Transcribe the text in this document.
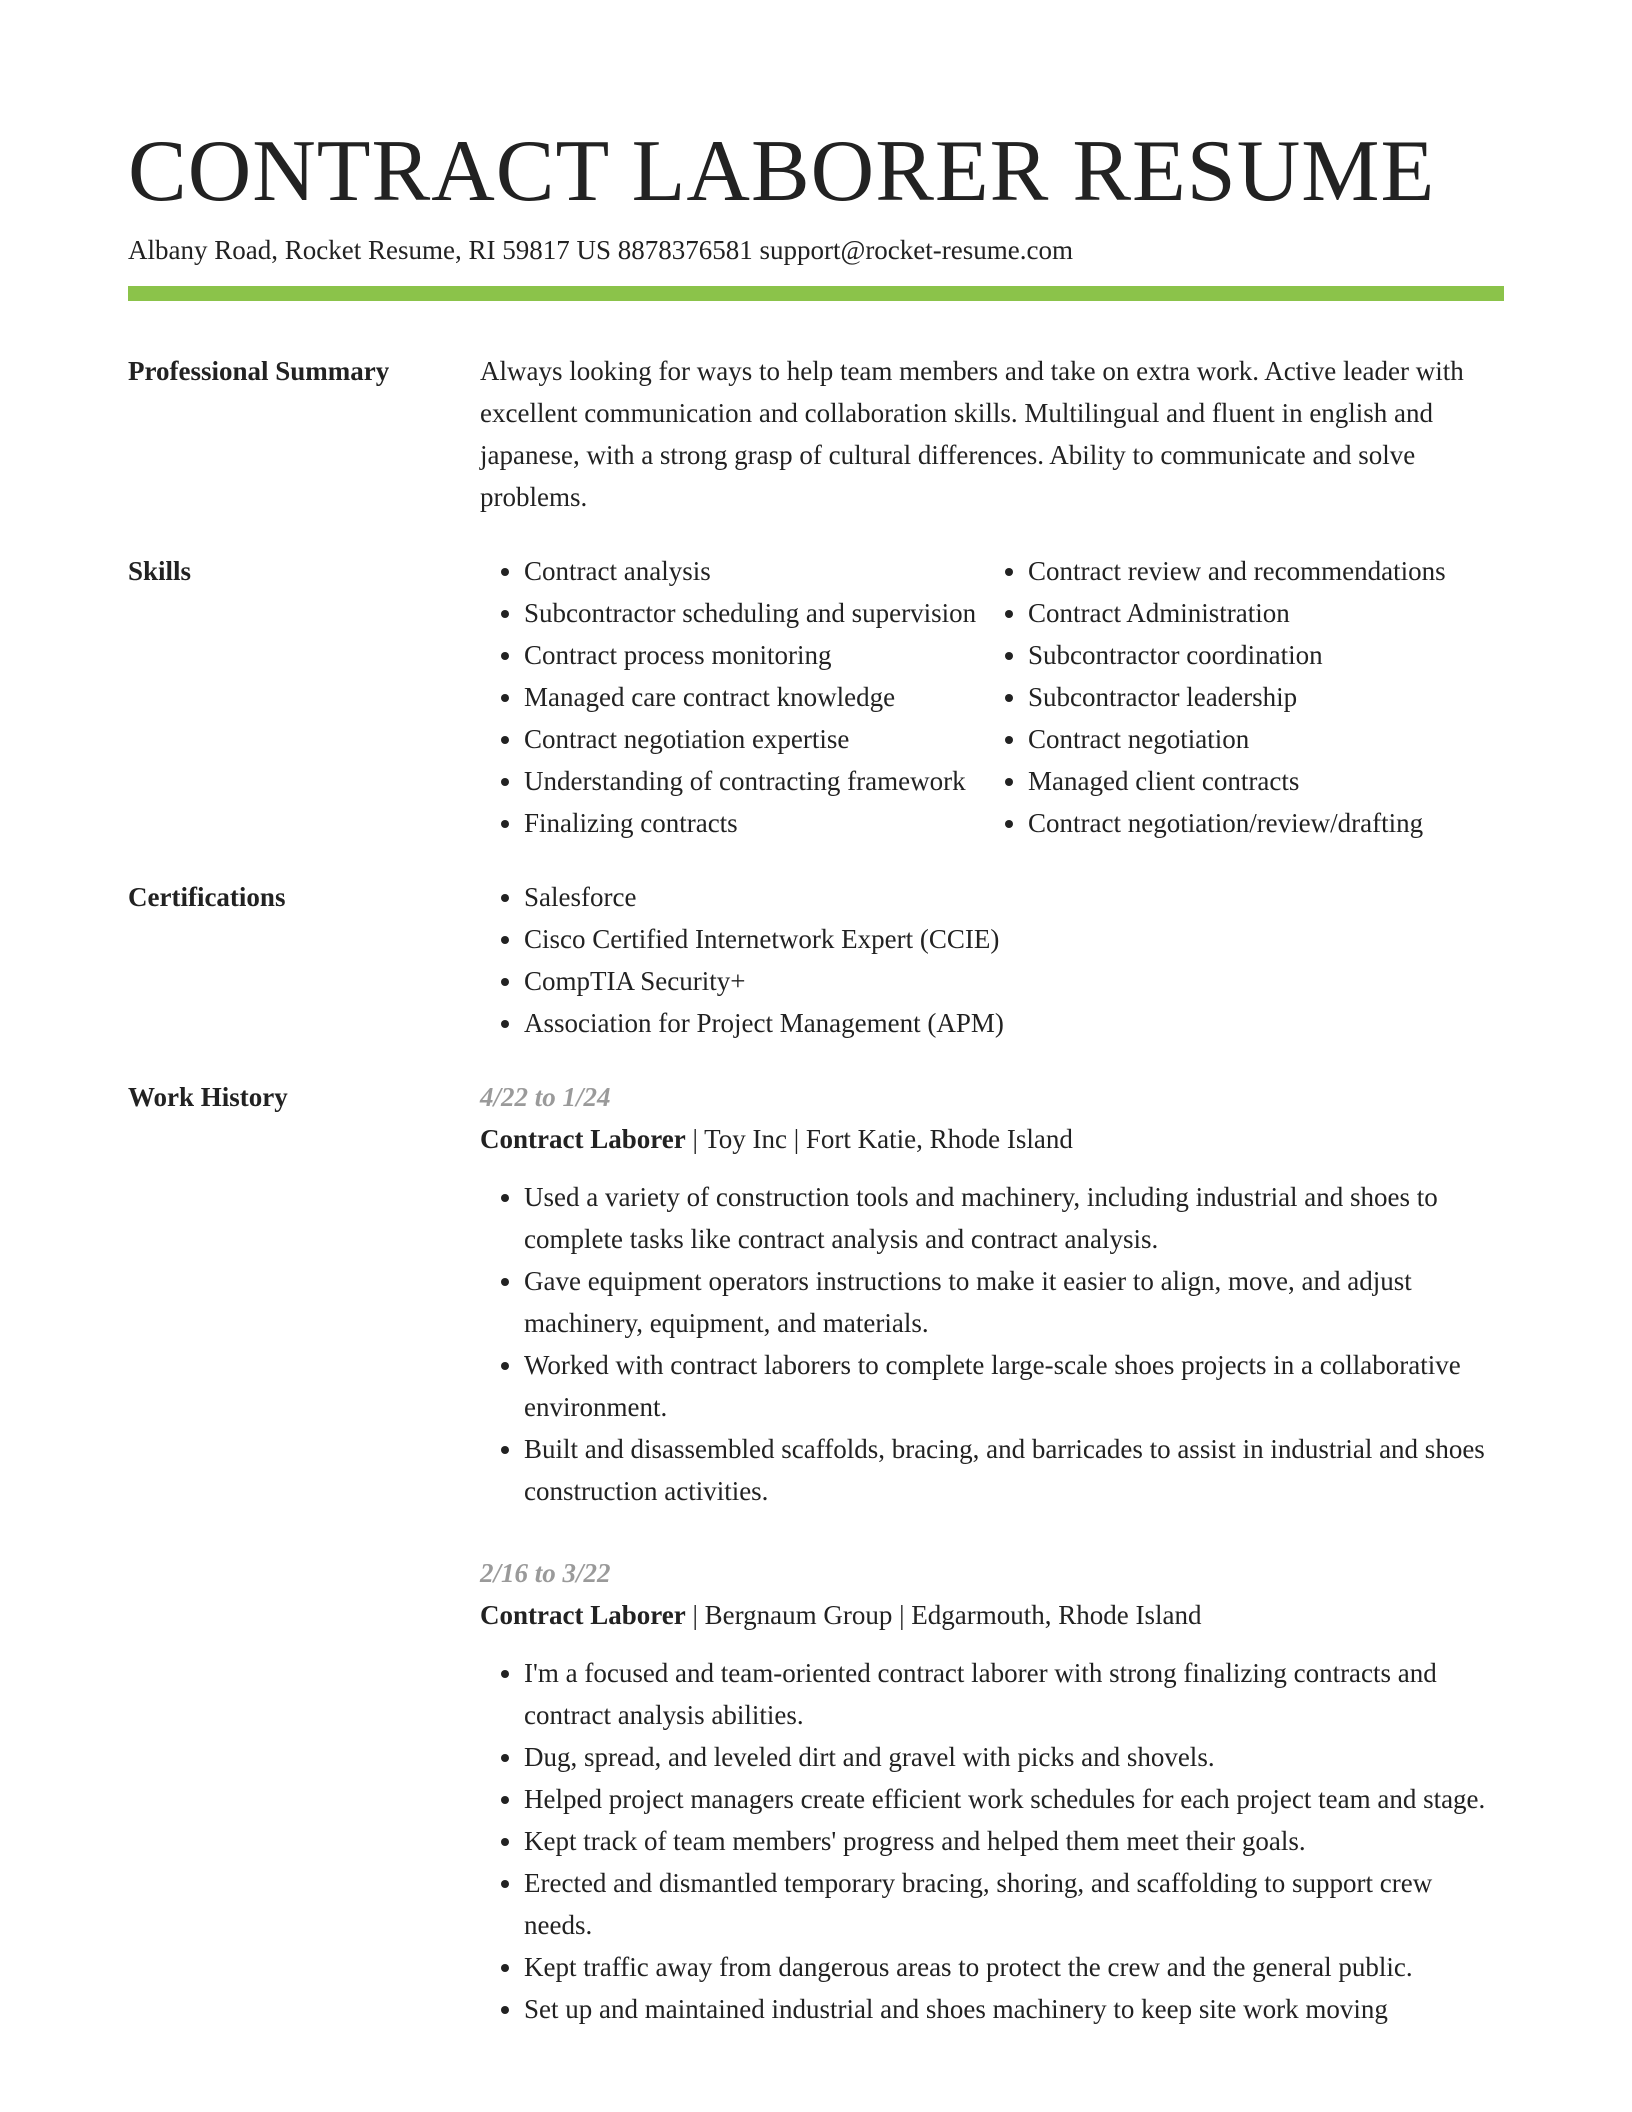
CONTRACT LABORER RESUME
Albany Road, Rocket Resume, RI 59817 US 8878376581 support@rocket-resume.com
Professional Summary	Always looking for ways to help team members and take on extra work. Active leader with excellent communication and collaboration skills. Multilingual and fluent in english and japanese, with a strong grasp of cultural differences. Ability to communicate and solve problems.

Skills	• Contract analysis
• Subcontractor scheduling and supervision
• Contract process monitoring
• Managed care contract knowledge
• Contract negotiation expertise
• Understanding of contracting framework
• Finalizing contracts
• Contract review and recommendations
• Contract Administration
• Subcontractor coordination
• Subcontractor leadership
• Contract negotiation
• Managed client contracts
• Contract negotiation/review/drafting
Certifications	• Salesforce
• Cisco Certified Internetwork Expert (CCIE)
• CompTIA Security+
• Association for Project Management (APM)
Work History	4/22 to 1/24
Contract Laborer | Toy Inc | Fort Katie, Rhode Island
• Used a variety of construction tools and machinery, including industrial and shoes to complete tasks like contract analysis and contract analysis.
• Gave equipment operators instructions to make it easier to align, move, and adjust machinery, equipment, and materials.
• Worked with contract laborers to complete large-scale shoes projects in a collaborative environment.
• Built and disassembled scaffolds, bracing, and barricades to assist in industrial and shoes construction activities.
2/16 to 3/22
Contract Laborer | Bergnaum Group | Edgarmouth, Rhode Island
• I'm a focused and team-oriented contract laborer with strong finalizing contracts and contract analysis abilities.
• Dug, spread, and leveled dirt and gravel with picks and shovels.
• Helped project managers create efficient work schedules for each project team and stage.
• Kept track of team members' progress and helped them meet their goals.
• Erected and dismantled temporary bracing, shoring, and scaffolding to support crew needs.
• Kept traffic away from dangerous areas to protect the crew and the general public.
• Set up and maintained industrial and shoes machinery to keep site work moving
